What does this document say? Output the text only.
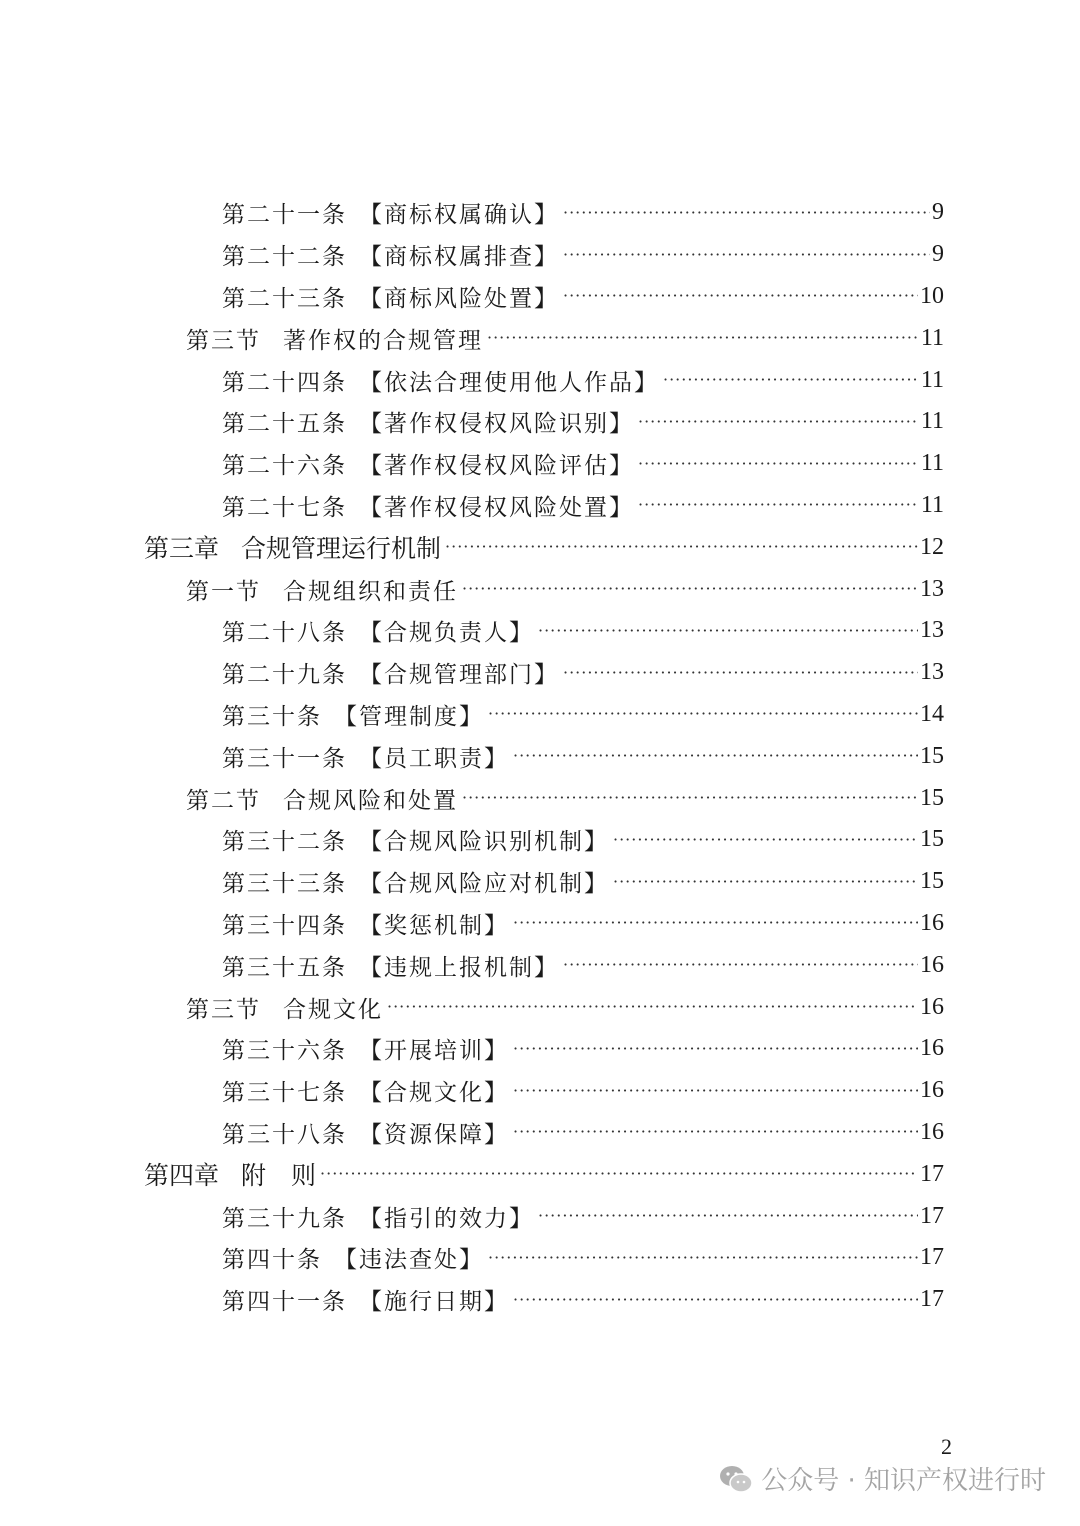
第二十一条 【商标权属确认】 ·····	9
第二十二条 【商标权属排查】 ·····	9
第二十三条 【商标风险处置】 ·····	10
第三节 著作权的合规管理 ·····	11
第二十四条 【依法合理使用他人作品】 ·····	11
第二十五条 【著作权侵权风险识别】 ·····	11
第二十六条 【著作权侵权风险评估】 ·····	11
第二十七条 【著作权侵权风险处置】 ·····	11
第三章 合规管理运行机制 ·····	12
第一节 合规组织和责任 ·····	13
第二十八条 【合规负责人】 ·····	13
第二十九条 【合规管理部门】 ·····	13
第三十条 【管理制度】 ·····	14
第三十一条 【员工职责】 ·····	15
第二节 合规风险和处置 ·····	15
第三十二条 【合规风险识别机制】 ·····	15
第三十三条 【合规风险应对机制】 ·····	15
第三十四条 【奖惩机制】 ·····	16
第三十五条 【违规上报机制】 ·····	16
第三节 合规文化 ·····	16
第三十六条 【开展培训】 ·····	16
第三十七条 【合规文化】 ·····	16
第三十八条 【资源保障】 ·····	16
第四章 附　则 ·····	17
第三十九条 【指引的效力】 ·····	17
第四十条 【违法查处】 ·····	17
第四十一条 【施行日期】 ·····	17
2
公众号 · 知识产权进行时
